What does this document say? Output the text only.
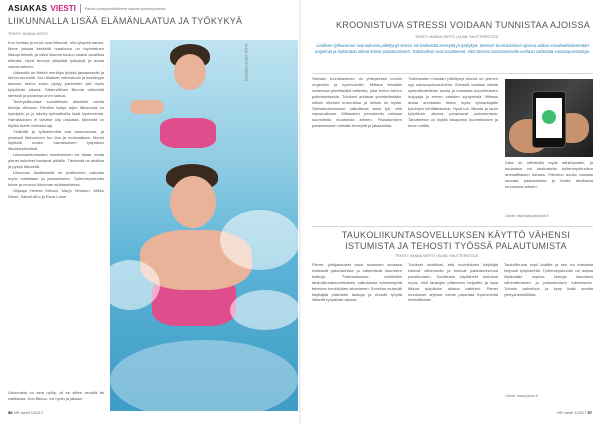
ASIAKAS VIESTI	Palvelu yhteyshenkilömme tarjoaa työterveystietoa
LIIKUNNALLA LISÄÄ ELÄMÄNLAATUA JA TYÖKYKYÄ
TEKSTI: HANNA VIIRTO

Kun kehtaa ja muut ovat liikkuvat, niin lyhyesti sanaa. Mene jaksaa keskellä maailmaa on myönteinen liikkuja keksiä, ja miksi liikunta kuuluu osaksi tavallista elämää. Hyvä terveys ylläpitää työkykyä ja antaa voimia arkeen.

Liikkeellä on tärkeä merkitys työssä jaksamiselle ja kehon kunnolle. Kun lihakset vahvistuvat ja kestävyys kasvaa, kehon kunto pysyy paremmin yllä myös työpäivän aikana. Säännöllinen liikunta vähentää stressiä ja parantaa unen laatua.

Terveysliikuntaa suositellaan aikuisille useita kertoja viikossa. Pienikin lisäys arjen liikkeessä on hyödyksi, ja jo kävely työmatkoilla lisää hyvinvointia. Harrastuksen ei tarvitse olla raskasta, tärkeintä on löytää itselle mieluisa laji.

Ystäviltä ja työkavereilta saa kannustusta, ja yhdessä liikkuminen tuo iloa ja motivaatiota. Monet löytävät uuden harrastuksen työpaikan liikuntaryhmästä.

Liikuntatottumusten muuttaminen vie aikaa, mutta pienet askeleet kantavat pitkälle. Tärkeintä on aloittaa ja pysyä liikkeellä.

Liikunnan lisäämisellä on positiivinen vaikutus myös mielialaan ja jaksamiseen. Työterveyshuolto tukee ja neuvoo liikunnan aloittamisessa.

Ohjaaja Helena Kirkola, Marjo Virtanen, Mikko Niemi, Sakari Alho ja Eeva Laine.

Liikunnalla on aina hyöty, oli se sitten kevyttä tai rasittavaa. Kun liikkuu, voi hyvin ja jaksaa.

KUVA: VIESTI ARKISTO
56 HR viesti 1/2017
KROONISTUVA STRESSI VOIDAAN TUNNISTAA AJOISSA
TEKSTI: HANNA VIIRTO | KUVA: SHUTTERSTOCK
Liiallisen työkuorman seurauksena pitkittynyt stressi voi heikentää terveyttä ja työkykyä. Stressin tunnistaminen ajoissa auttaa ennaltaehkäisemään ongelmia ja löytämään oikeat keinot palautumiseen. Tutkimukset ovat osoittaneet, että stressin tunnistamisella voidaan vähentää sairauspoissaoloja.

Stressin tunnistaminen on yhteydessä moniin ongelmiin ja hyvinvointiin. Mittaus tehdään ranteessa pidettävällä laitteella, joka kertoo kehon palautumisesta. Tulokset auttavat ymmärtämään, milloin elimistö kuormittuu ja milloin se lepää. Stressikokemukset vaikuttavat sekä työ- että vapaa-aikaan. Mittausten perusteella voidaan suunnitella muutoksia arkeen. Palautumisen parantaminen edistää terveyttä ja jaksamista.

Tutkimusten mukaan pitkittynyt stressi on yleinen syy sairauspoissaoloihin. Stressiä voidaan mitata sykevälivaihtelun avulla ja tunnistaa kuormituksen huippuja jo ennen oireiden syntymistä. Mittaus antaa arvokasta tietoa myös työnantajalle työolojen kehittämiseksi. Hyvä uni, liikunta ja tauot työpäivän aikana parantavat palautumista. Tavoitteena on löytää tasapaino kuormituksen ja levon välillä.

Data on nähtävillä myös sähköpostiin, ja tuloksista voi keskustella työterveyshuollon ammattilaisen kanssa. Palvelun avulla voidaan seurata palautumista ja tehdä tarvittavia muutoksia arkeen.
Lähde: www.seppalankoti.fi
TAUKOLIIKUNTASOVELLUKSEN KÄYTTÖ VÄHENSI ISTUMISTA JA TEHOSTI TYÖSSÄ PALAUTUMISTA
TEKSTI: HANNA VIIRTO | KUVA: SHUTTERSTOCK

Pienet, yhtäjaksoiset tauot istumisen lomassa edistävät palautumista ja vähentävät istumisen haittoja. Tutkimuksessa selvitettiin taukoliikuntasovelluksen vaikutuksia toimistotyötä tekevien henkilöiden istumiseen. Sovellus muistutti käyttäjää pitämään taukoja ja ehdotti lyhyitä liikkeitä työpäivän aikana.

Tulokset osoittivat, että sovelluksen käyttäjät istuivat vähemmän ja kokivat palautumisensa parantuneen. Sovellusta käyttäneet kertoivat myös, että taukojen pitäminen helpottui ja tapa liikkua työpäivän aikana vakiintui. Pienet muutokset arjessa voivat parantaa hyvinvointia merkittävästi.

Taukoliikunta sopii kaikille ja sen voi toteuttaa helposti työpisteellä. Työterveyshuolto voi auttaa löytämään sopivia keinoja istumisen vähentämiseen ja palautumisen tukemiseen. Tutustu palveluun ja kysy lisää omalta yhteyshenkilöltäsi.

Lähde: www.julkari.fi
HR viesti 1/2017 57
